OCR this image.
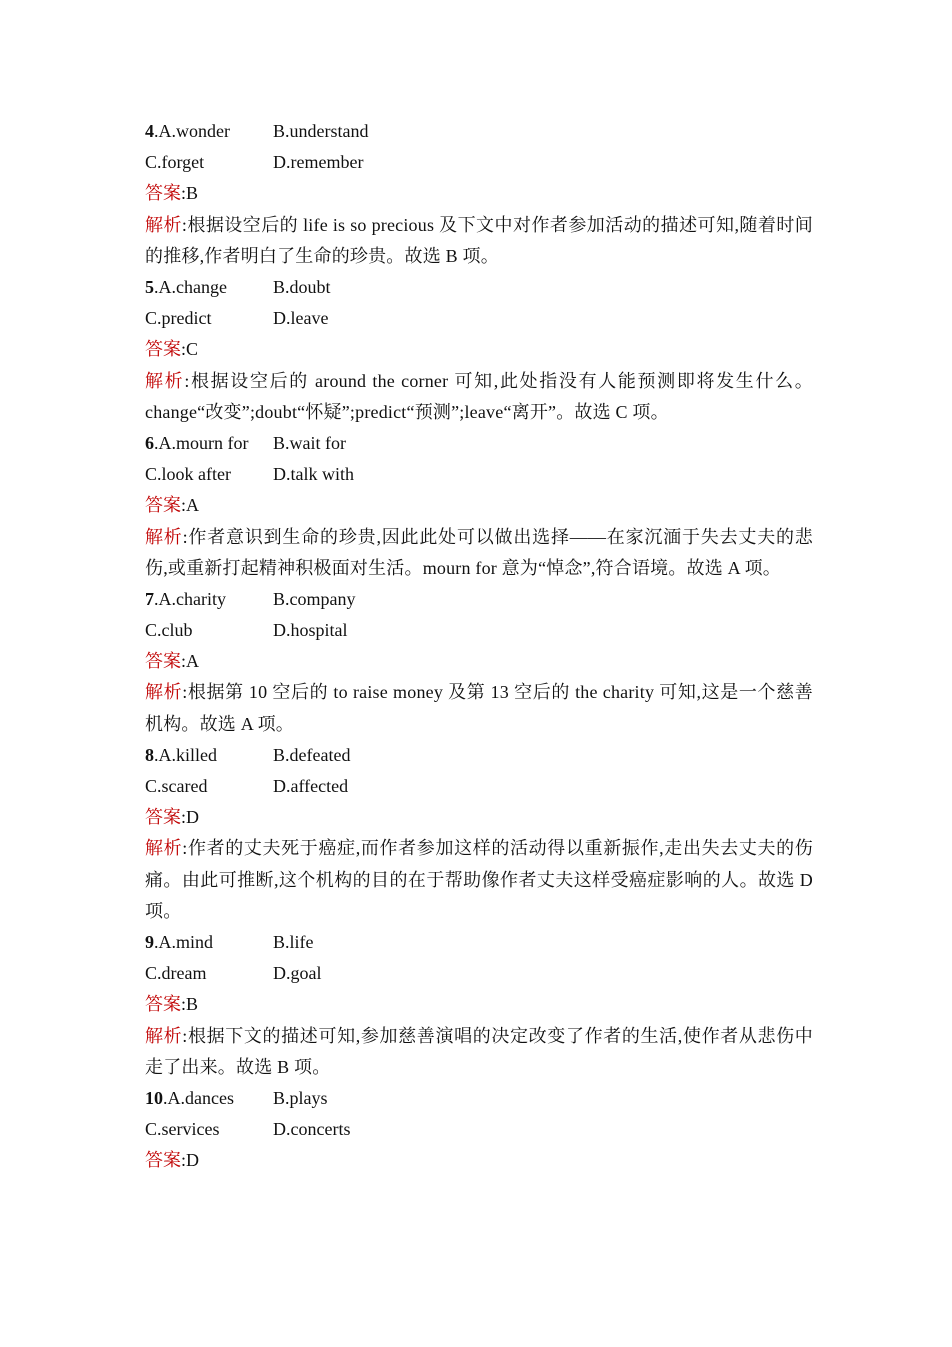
4.A.wonder B.understand
C.forget	D.remember
答案:B
解析:根据设空后的 life is so precious 及下文中对作者参加活动的描述可知,随着时间的推移,作者明白了生命的珍贵。故选 B 项。
5.A.change	B.doubt
C.predict	D.leave
答案:C
解析:根据设空后的 around the corner 可知,此处指没有人能预测即将发生什么。change“改变”;doubt“怀疑”;predict“预测”;leave“离开”。故选 C 项。
6.A.mourn for B.wait for
C.look after D.talk with
答案:A
解析:作者意识到生命的珍贵,因此此处可以做出选择——在家沉湎于失去丈夫的悲伤,或重新打起精神积极面对生活。mourn for 意为“悼念”,符合语境。故选 A 项。
7.A.charity	B.company
C.club	D.hospital
答案:A
解析:根据第 10 空后的 to raise money 及第 13 空后的 the charity 可知,这是一个慈善机构。故选 A 项。
8.A.killed	B.defeated
C.scared	D.affected
答案:D
解析:作者的丈夫死于癌症,而作者参加这样的活动得以重新振作,走出失去丈夫的伤痛。由此可推断,这个机构的目的在于帮助像作者丈夫这样受癌症影响的人。故选 D 项。
9.A.mind	B.life
C.dream	D.goal
答案:B
解析:根据下文的描述可知,参加慈善演唱的决定改变了作者的生活,使作者从悲伤中走了出来。故选 B 项。
10.A.dances B.plays
C.services	D.concerts
答案:D
